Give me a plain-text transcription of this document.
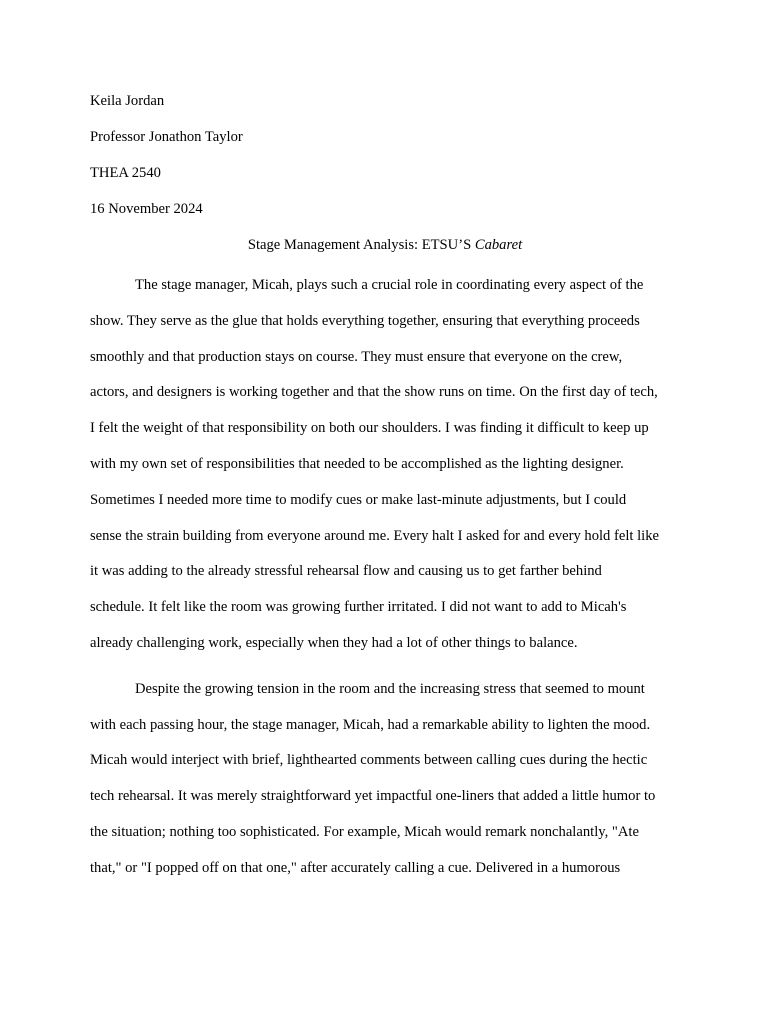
Keila Jordan
Professor Jonathon Taylor
THEA 2540
16 November 2024
Stage Management Analysis: ETSU’S Cabaret
The stage manager, Micah, plays such a crucial role in coordinating every aspect of the
show. They serve as the glue that holds everything together, ensuring that everything proceeds
smoothly and that production stays on course. They must ensure that everyone on the crew,
actors, and designers is working together and that the show runs on time. On the first day of tech,
I felt the weight of that responsibility on both our shoulders. I was finding it difficult to keep up
with my own set of responsibilities that needed to be accomplished as the lighting designer.
Sometimes I needed more time to modify cues or make last-minute adjustments, but I could
sense the strain building from everyone around me. Every halt I asked for and every hold felt like
it was adding to the already stressful rehearsal flow and causing us to get farther behind
schedule. It felt like the room was growing further irritated. I did not want to add to Micah's
already challenging work, especially when they had a lot of other things to balance.
Despite the growing tension in the room and the increasing stress that seemed to mount
with each passing hour, the stage manager, Micah, had a remarkable ability to lighten the mood.
Micah would interject with brief, lighthearted comments between calling cues during the hectic
tech rehearsal. It was merely straightforward yet impactful one-liners that added a little humor to
the situation; nothing too sophisticated. For example, Micah would remark nonchalantly, "Ate
that," or "I popped off on that one," after accurately calling a cue. Delivered in a humorous
